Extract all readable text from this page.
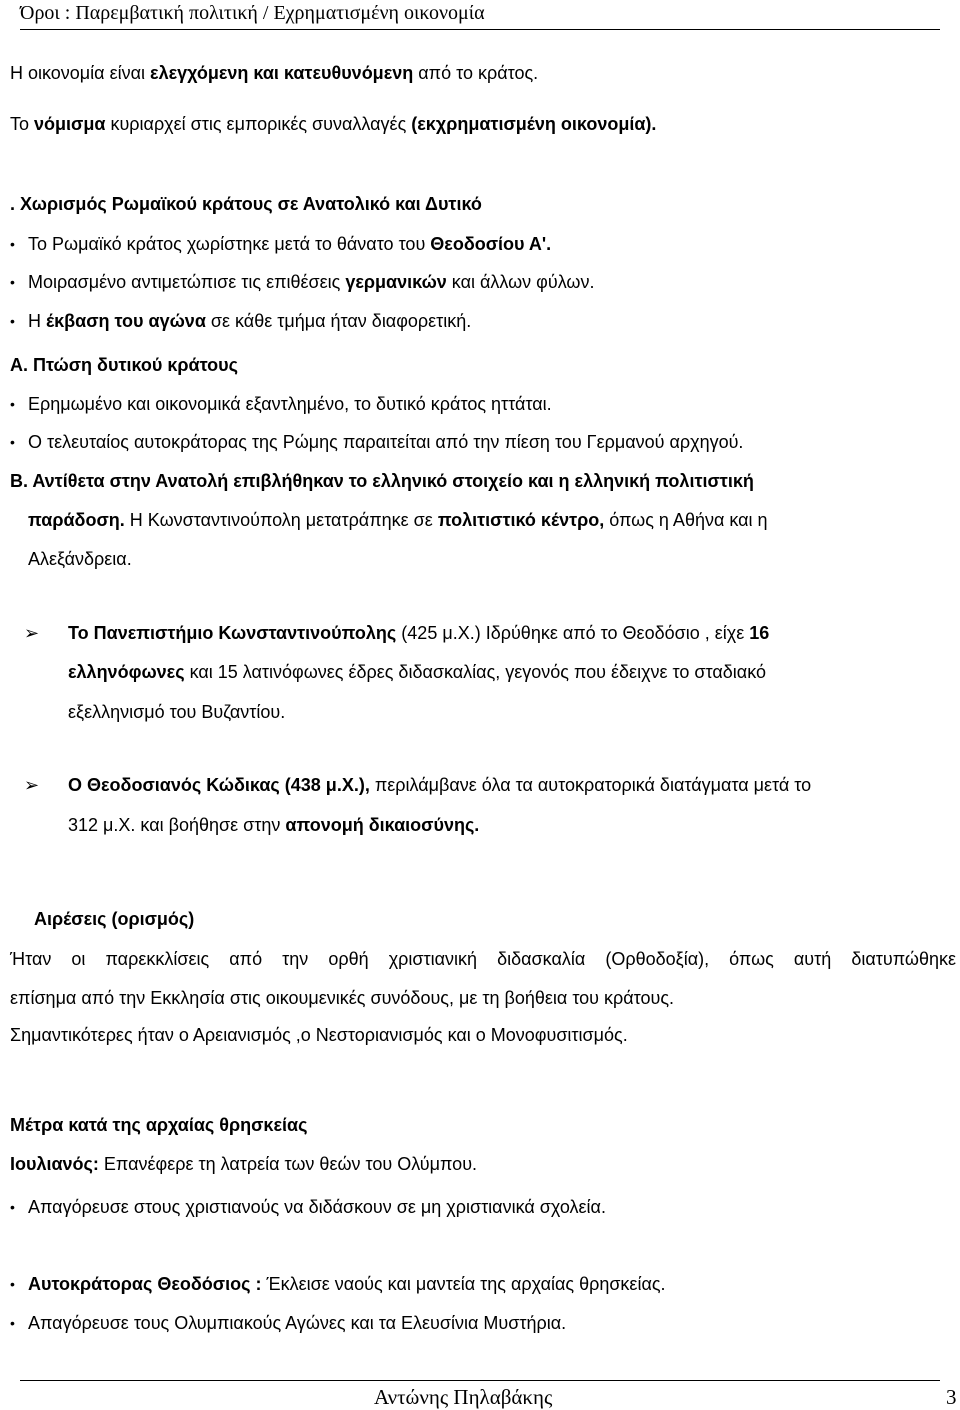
Όροι : Παρεμβατική πολιτική / Εχρηματισμένη οικονομία
Η οικονομία είναι ελεγχόμενη και κατευθυνόμενη από το κράτος.
Το νόμισμα κυριαρχεί στις εμπορικές συναλλαγές (εκχρηματισμένη οικονομία).
. Χωρισμός Ρωμαϊκού κράτους σε Ανατολικό και Δυτικό
• Το Ρωμαϊκό κράτος χωρίστηκε μετά το θάνατο του Θεοδοσίου Α'.
• Μοιρασμένο αντιμετώπισε τις επιθέσεις γερμανικών και άλλων φύλων.
• Η έκβαση του αγώνα σε κάθε τμήμα ήταν διαφορετική.
Α. Πτώση δυτικού κράτους
• Ερημωμένο και οικονομικά εξαντλημένο, το δυτικό κράτος ηττάται.
• Ο τελευταίος αυτοκράτορας της Ρώμης παραιτείται από την πίεση του Γερμανού αρχηγού.
Β. Αντίθετα στην Ανατολή επιβλήθηκαν το ελληνικό στοιχείο και η ελληνική πολιτιστική
παράδοση. Η Κωνσταντινούπολη μετατράπηκε σε πολιτιστικό κέντρο, όπως η Αθήνα και η
Αλεξάνδρεια.
➢ Το Πανεπιστήμιο Κωνσταντινούπολης (425 μ.Χ.) Ιδρύθηκε από το Θεοδόσιο , είχε 16
ελληνόφωνες και 15 λατινόφωνες έδρες διδασκαλίας, γεγονός που έδειχνε το σταδιακό
εξελληνισμό του Βυζαντίου.
➢ Ο Θεοδοσιανός Κώδικας (438 μ.Χ.), περιλάμβανε όλα τα αυτοκρατορικά διατάγματα μετά το
312 μ.Χ. και βοήθησε στην απονομή δικαιοσύνης.
Αιρέσεις (ορισμός)
Ήταν οι παρεκκλίσεις από την ορθή χριστιανική διδασκαλία (Ορθοδοξία), όπως αυτή διατυπώθηκε
επίσημα από την Εκκλησία στις οικουμενικές συνόδους, με τη βοήθεια του κράτους.
Σημαντικότερες ήταν ο Αρειανισμός ,ο Νεστοριανισμός και ο Μονοφυσιτισμός.
Μέτρα κατά της αρχαίας θρησκείας
Ιουλιανός: Επανέφερε τη λατρεία των θεών του Ολύμπου.
• Απαγόρευσε στους χριστιανούς να διδάσκουν σε μη χριστιανικά σχολεία.
• Αυτοκράτορας Θεοδόσιος : Έκλεισε ναούς και μαντεία της αρχαίας θρησκείας.
• Απαγόρευσε τους Ολυμπιακούς Αγώνες και τα Ελευσίνια Μυστήρια.
Αντώνης Πηλαβάκης	3
